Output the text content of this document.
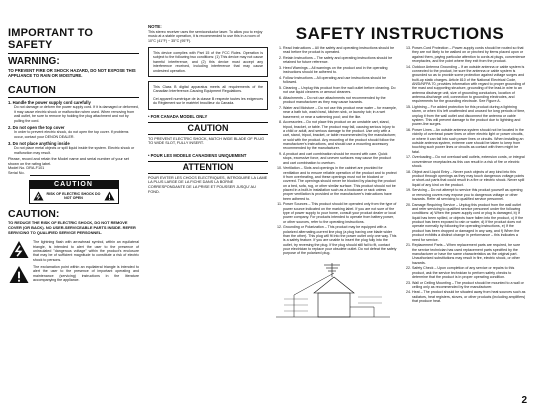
IMPORTANT TO SAFETY
WARNING:
TO PREVENT FIRE OR SHOCK HAZARD, DO NOT EXPOSE THIS APPLIANCE TO RAIN OR MOISTURE.
CAUTION
1. Handle the power supply cord carefully
Do not damage or deform the power supply cord. If it is damaged or deformed, it may cause electric shock or malfunction when used. When removing from wall outlet, be sure to remove by holding the plug attachment and not by pulling the cord.
2. Do not open the top cover
In order to prevent electric shock, do not open the top cover. If problems occur, contact your DENON DEALER.
3. Do not place anything inside
Do not place metal objects or spill liquid inside the system. Electric shock or malfunction may result.
Please, record and retain the Model name and serial number of your set shown on the rating label.
Model No. DRA-F101
Serial No.
CAUTION
RISK OF ELECTRIC SHOCK DO NOT OPEN
CAUTION:
TO REDUCE THE RISK OF ELECTRIC SHOCK, DO NOT REMOVE COVER (OR BACK). NO USER-SERVICEABLE PARTS INSIDE. REFER SERVICING TO QUALIFIED SERVICE PERSONNEL.
The lightning flash with arrowhead symbol, within an equilateral triangle, is intended to alert the user to the presence of uninsulated "dangerous voltage" within the product's enclosure that may be of sufficient magnitude to constitute a risk of electric shock to persons.
The exclamation point within an equilateral triangle is intended to alert the user to the presence of important operating and maintenance (servicing) instructions in the literature accompanying the appliance.
NOTE:
This stereo receiver uses the semiconductor laser. To allow you to enjoy music at a stable operation, it is recommended to use this in a room of 10°C (41°F) ~ 35°C (95°F).
This device complies with Part 15 of the FCC Rules. Operation is subject to the following two conditions: (1) This device may not cause harmful interference, and (2) this device must accept any interference received, including interference that may cause undesired operation.
This Class B digital apparatus meets all requirements of the Canadian Interference-Causing Equipment Regulations.
Cet appareil numérique de la classe B respecte toutes les exigences du Règlement sur le matériel brouilleur du Canada.
• FOR CANADA MODEL ONLY
CAUTION
TO PREVENT ELECTRIC SHOCK, MATCH WIDE BLADE OF PLUG TO WIDE SLOT, FULLY INSERT.
• POUR LES MODELE CANADIENS UNIQUEMENT
ATTENTION
POUR EVITER LES CHOCS ELECTRIQUES, INTRODUIRE LA LAME LA PLUS LARGE DE LA FICHE DANS LA BORNE CORRESPONDANTE DE LA PRISE ET POUSSER JUSQU' AU FOND.
SAFETY INSTRUCTIONS
1. Read Instructions – All the safety and operating instructions should be read before the product is operated.
2. Retain Instructions – The safety and operating instructions should be retained for future reference.
3. Heed Warnings – All warnings on the product and in the operating instructions should be adhered to.
4. Follow Instructions – All operating and use instructions should be followed.
5. Cleaning – Unplug this product from the wall outlet before cleaning. Do not use liquid cleaners or aerosol cleaners.
6. Attachments – Do not use attachments not recommended by the product manufacturer as they may cause hazards.
7. Water and Moisture – Do not use this product near water – for example, near a bath tub, wash bowl, kitchen sink, or laundry tub; in a wet basement; or near a swimming pool; and the like.
8. Accessories – Do not place this product on an unstable cart, stand, tripod, bracket, or table. The product may fall, causing serious injury to a child or adult, and serious damage to the product. Use only with a cart, stand, tripod, bracket, or table recommended by the manufacturer, or sold with the product. Any mounting of the product should follow the manufacturer's instructions, and should use a mounting accessory recommended by the manufacturer.
9. A product and cart combination should be moved with care. Quick stops, excessive force, and uneven surfaces may cause the product and cart combination to overturn.
10. Ventilation – Slots and openings in the cabinet are provided for ventilation and to ensure reliable operation of the product and to protect it from overheating, and these openings must not be blocked or covered. The openings should never be blocked by placing the product on a bed, sofa, rug, or other similar surface. This product should not be placed in a built-in installation such as a bookcase or rack unless proper ventilation is provided or the manufacturer's instructions have been adhered to.
11. Power Sources – This product should be operated only from the type of power source indicated on the marking label. If you are not sure of the type of power supply to your home, consult your product dealer or local power company. For products intended to operate from battery power, or other sources, refer to the operating instructions.
12. Grounding or Polarization – This product may be equipped with a polarized alternating-current line plug (a plug having one blade wider than the other). This plug will fit into the power outlet only one way. This is a safety feature. If you are unable to insert the plug fully into the outlet, try reversing the plug. If the plug should still fail to fit, contact your electrician to replace your obsolete outlet. Do not defeat the safety purpose of the polarized plug.
13. Power-Cord Protection – Power-supply cords should be routed so that they are not likely to be walked on or pinched by items placed upon or against them, paying particular attention to cords at plugs, convenience receptacles, and the point where they exit from the product.
14. Outdoor Antenna Grounding – If an outside antenna or cable system is connected to the product, be sure the antenna or cable system is grounded so as to provide some protection against voltage surges and built-up static charges. Article 810 of the National Electrical Code, ANSI/NFPA 70, provides information with regard to proper grounding of the mast and supporting structure, grounding of the lead-in wire to an antenna discharge unit, size of grounding conductors, location of antenna-discharge unit, connection to grounding electrodes, and requirements for the grounding electrode. See Figure A.
15. Lightning – For added protection for this product during a lightning storm, or when it is left unattended and unused for long periods of time, unplug it from the wall outlet and disconnect the antenna or cable system. This will prevent damage to the product due to lightning and power-line surges.
16. Power Lines – An outside antenna system should not be located in the vicinity of overhead power lines or other electric light or power circuits, or where it can fall into such power lines or circuits. When installing an outside antenna system, extreme care should be taken to keep from touching such power lines or circuits as contact with them might be fatal.
17. Overloading – Do not overload wall outlets, extension cords, or integral convenience receptacles as this can result in a risk of fire or electric shock.
18. Object and Liquid Entry – Never push objects of any kind into this product through openings as they may touch dangerous voltage points or short-out parts that could result in a fire or electric shock. Never spill liquid of any kind on the product.
19. Servicing – Do not attempt to service this product yourself as opening or removing covers may expose you to dangerous voltage or other hazards. Refer all servicing to qualified service personnel.
20. Damage Requiring Service – Unplug this product from the wall outlet and refer servicing to qualified service personnel under the following conditions: a) When the power-supply cord or plug is damaged, b) If liquid has been spilled, or objects have fallen into the product, c) If the product has been exposed to rain or water, d) If the product does not operate normally by following the operating instructions, e) If the product has been dropped or damaged in any way, and f) When the product exhibits a distinct change in performance – this indicates a need for service.
21. Replacement Parts – When replacement parts are required, be sure the service technician has used replacement parts specified by the manufacturer or have the same characteristics as the original part. Unauthorized substitutions may result in fire, electric shock, or other hazards.
22. Safety Check – Upon completion of any service or repairs to this product, ask the service technician to perform safety checks to determine that the product is in proper operating condition.
23. Wall or Ceiling Mounting – The product should be mounted to a wall or ceiling only as recommended by the manufacturer.
24. Heat – The product should be situated away from heat sources such as radiators, heat registers, stoves, or other products (including amplifiers) that produce heat.
2
